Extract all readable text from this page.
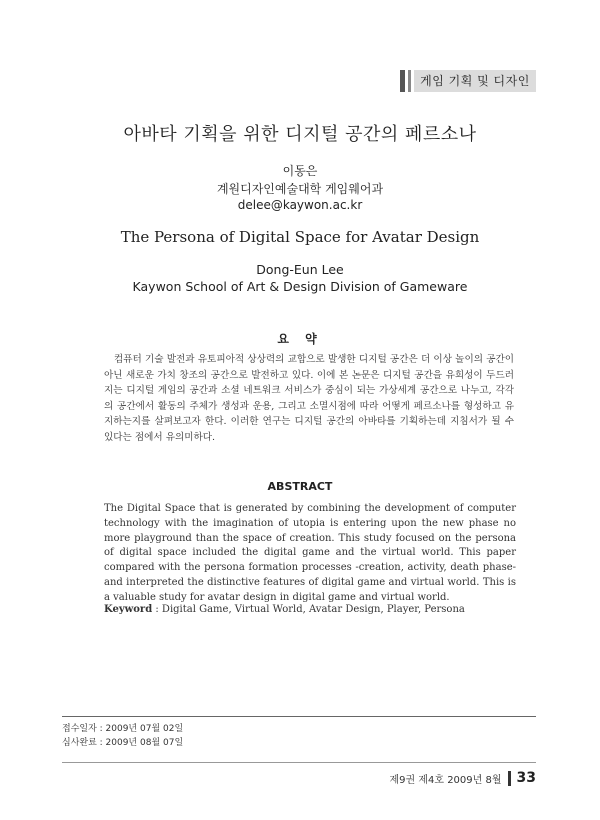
게임 기획 및 디자인
아바타 기획을 위한 디지털 공간의 페르소나
이동은
계원디자인예술대학 게임웨어과
delee@kaywon.ac.kr
The Persona of Digital Space for Avatar Design
Dong-Eun Lee
Kaywon School of Art & Design Division of Gameware
요 약
컴퓨터 기술 발전과 유토피아적 상상력의 교합으로 발생한 디지털 공간은 더 이상 놀이의 공간이 아닌 새로운 가치 창조의 공간으로 발전하고 있다. 이에 본 논문은 디지털 공간을 유희성이 두드러지는 디지털 게임의 공간과 소셜 네트워크 서비스가 중심이 되는 가상세계 공간으로 나누고, 각각의 공간에서 활동의 주체가 생성과 운용, 그리고 소멸시점에 따라 어떻게 페르소나를 형성하고 유지하는지를 살펴보고자 한다. 이러한 연구는 디지털 공간의 아바타를 기획하는데 지침서가 될 수 있다는 점에서 유의미하다.
ABSTRACT
The Digital Space that is generated by combining the development of computer technology with the imagination of utopia is entering upon the new phase no more playground than the space of creation. This study focused on the persona of digital space included the digital game and the virtual world. This paper compared with the persona formation processes -creation, activity, death phase- and interpreted the distinctive features of digital game and virtual world. This is a valuable study for avatar design in digital game and virtual world.
Keyword : Digital Game, Virtual World, Avatar Design, Player, Persona
접수일자 : 2009년 07월 02일
심사완료 : 2009년 08월 07일
제9권 제4호 2009년 8월 33
